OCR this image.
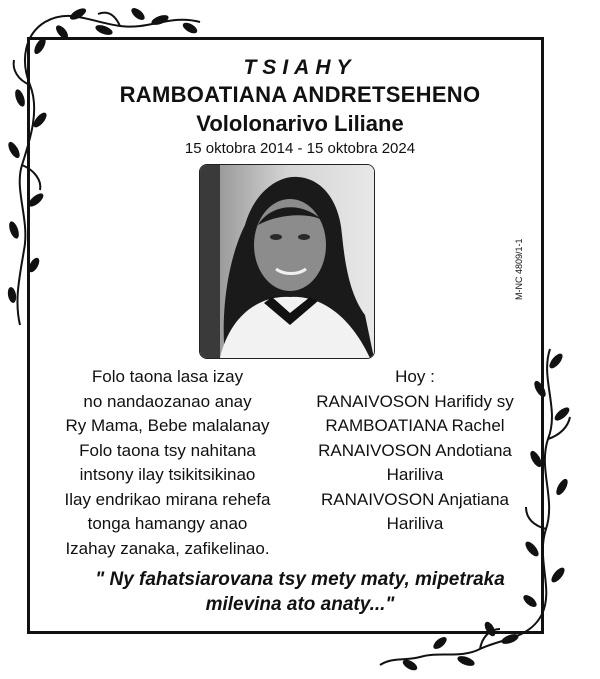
TSIAHY
RAMBOATIANA ANDRETSEHENO
Vololonarivo Liliane
15 oktobra 2014 - 15 oktobra 2024
M-NC 4809/1-1
Folo taona lasa izay
no nandaozanao anay
Ry Mama, Bebe malalanay
Folo taona tsy nahitana
intsony ilay tsikitsikinao
Ilay endrikao mirana rehefa
tonga hamangy anao
Izahay zanaka, zafikelinao.
Hoy :
RANAIVOSON Harifidy sy
RAMBOATIANA Rachel
RANAIVOSON Andotiana
Hariliva
RANAIVOSON Anjatiana
Hariliva
" Ny fahatsiarovana tsy mety maty, mipetraka
milevina ato anaty..."
